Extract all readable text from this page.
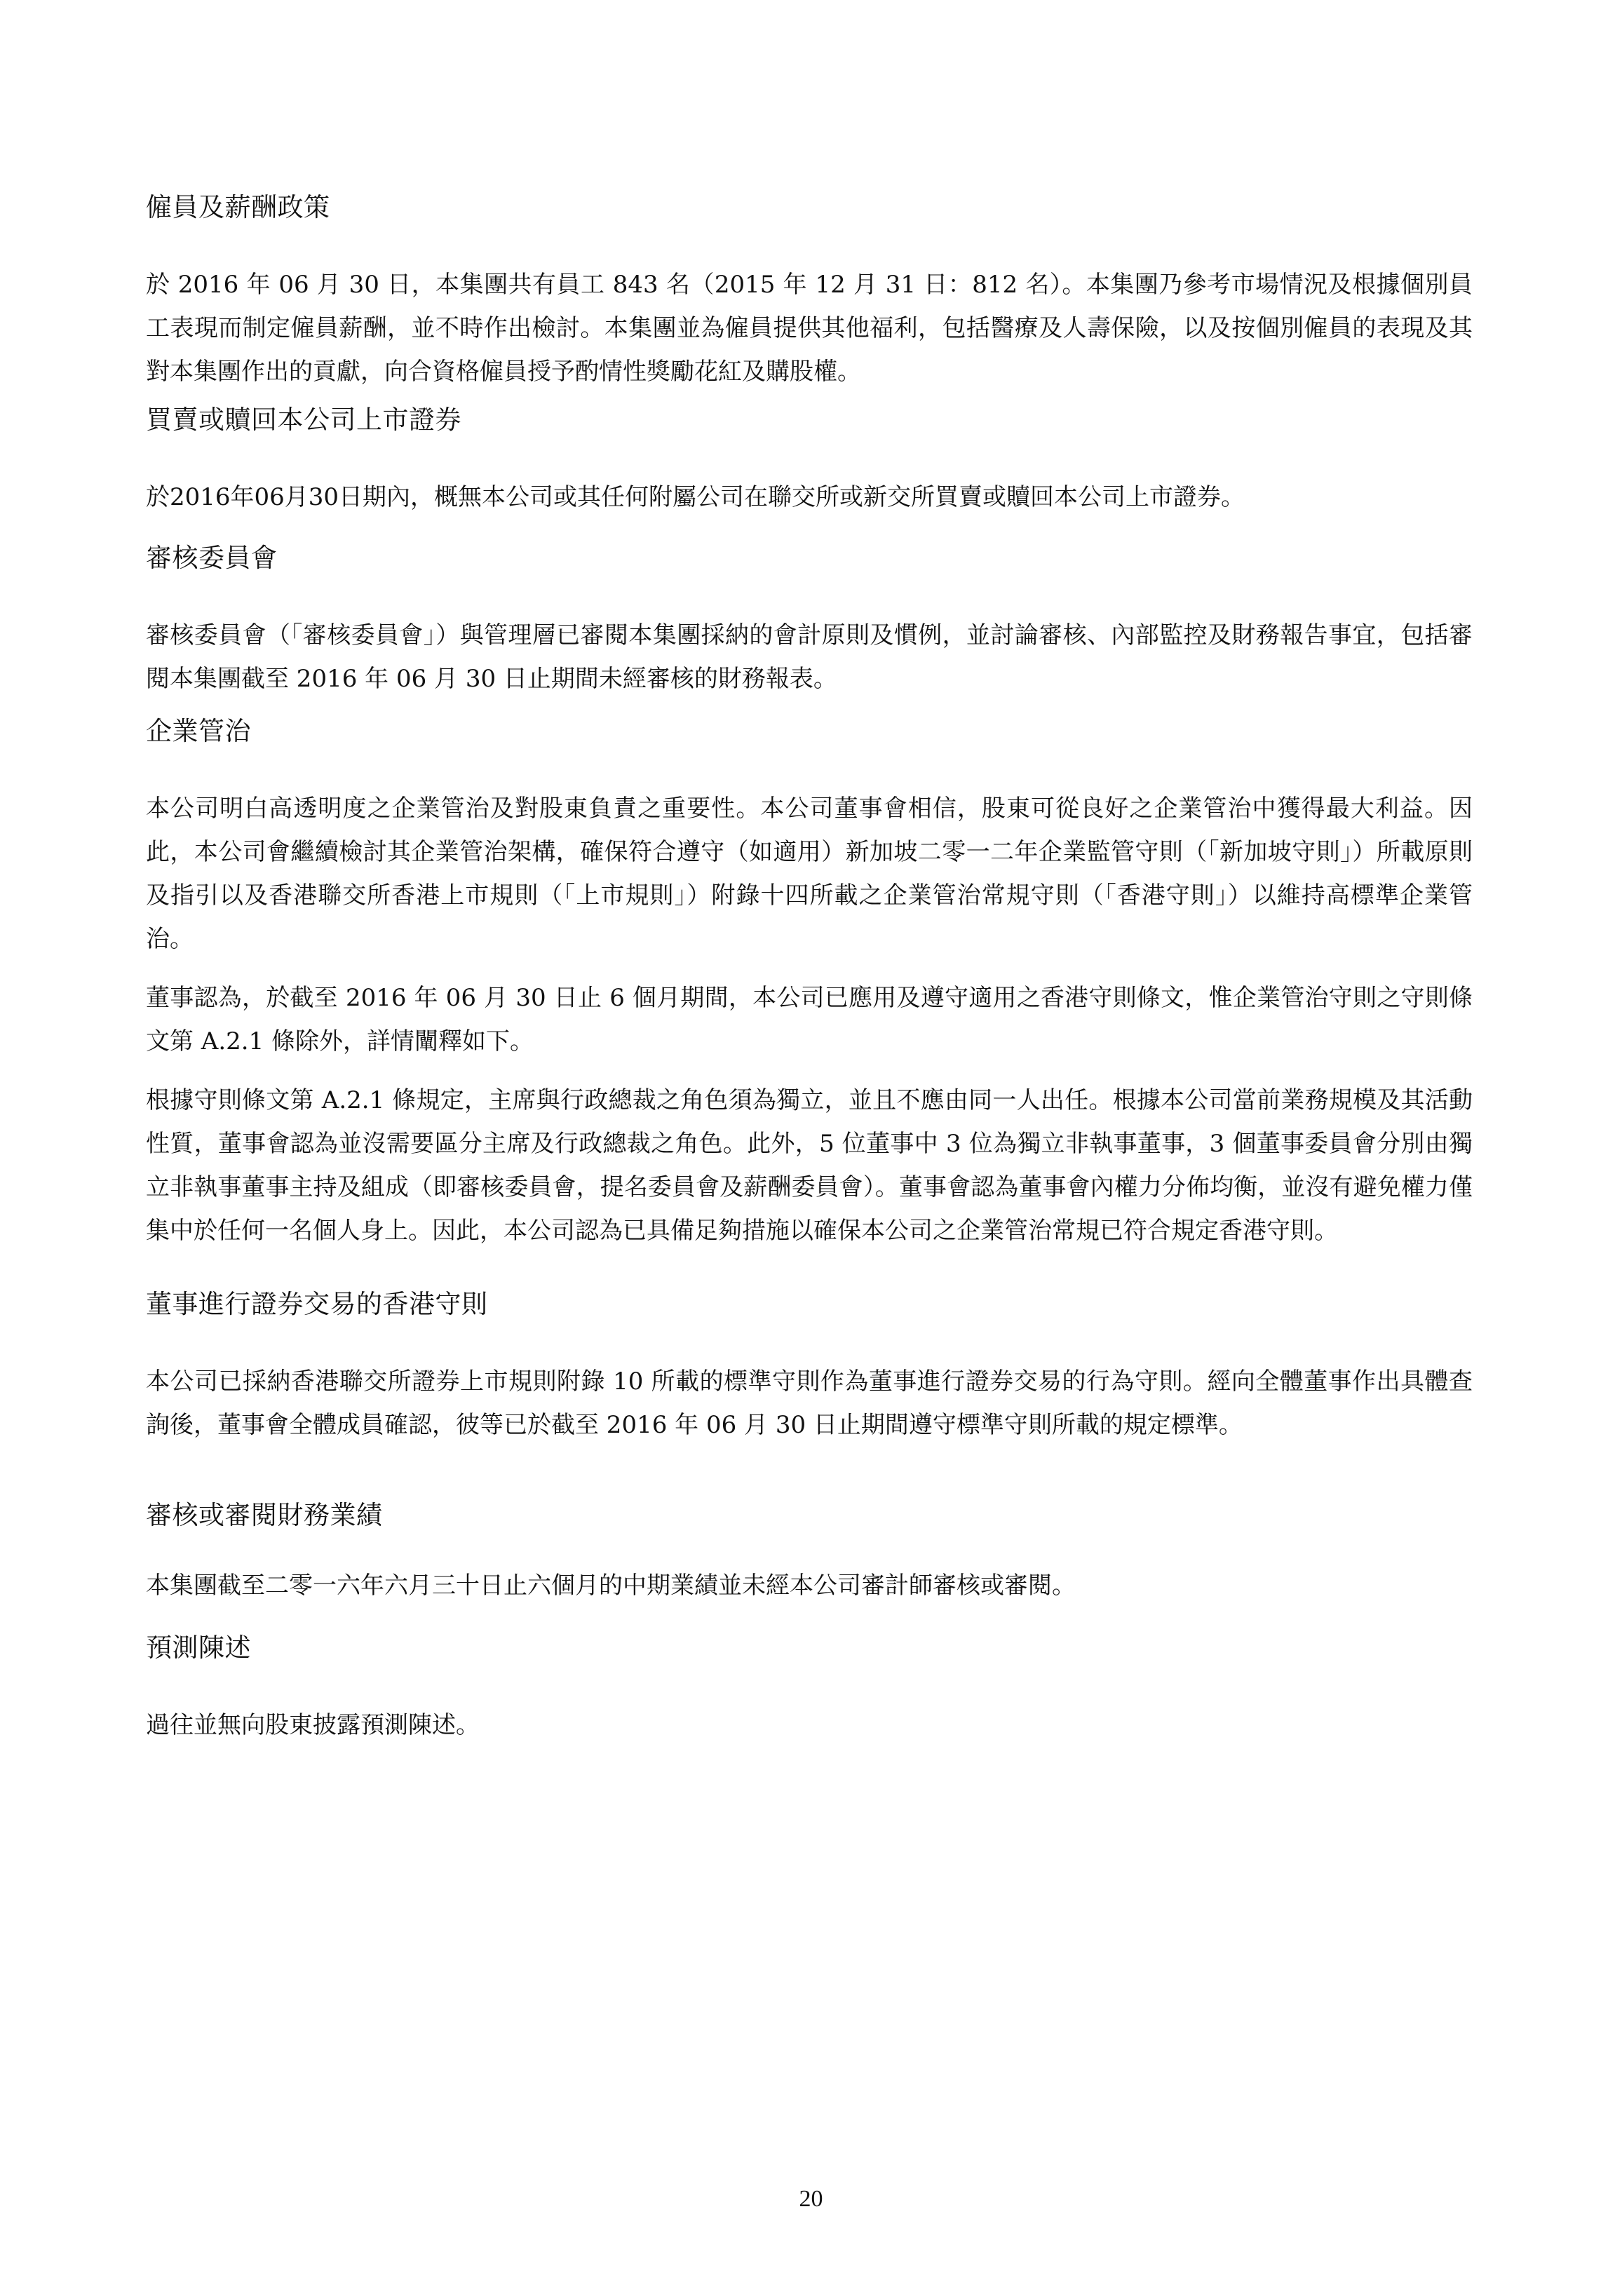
僱員及薪酬政策

於 2016 年 06 月 30 日，本集團共有員工 843 名（2015 年 12 月 31 日：812 名）。本集團乃參考市場情況及根據個別員工表現而制定僱員薪酬，並不時作出檢討。本集團並為僱員提供其他福利，包括醫療及人壽保險，以及按個別僱員的表現及其對本集團作出的貢獻，向合資格僱員授予酌情性獎勵花紅及購股權。

買賣或贖回本公司上市證券

於2016年06月30日期內，概無本公司或其任何附屬公司在聯交所或新交所買賣或贖回本公司上市證券。

審核委員會

審核委員會（「審核委員會」）與管理層已審閱本集團採納的會計原則及慣例，並討論審核、內部監控及財務報告事宜，包括審閱本集團截至 2016 年 06 月 30 日止期間未經審核的財務報表。

企業管治

本公司明白高透明度之企業管治及對股東負責之重要性。本公司董事會相信，股東可從良好之企業管治中獲得最大利益。因此，本公司會繼續檢討其企業管治架構，確保符合遵守（如適用）新加坡二零一二年企業監管守則（「新加坡守則」）所載原則及指引以及香港聯交所香港上市規則（「上市規則」）附錄十四所載之企業管治常規守則（「香港守則」）以維持高標準企業管治。

董事認為，於截至 2016 年 06 月 30 日止 6 個月期間，本公司已應用及遵守適用之香港守則條文，惟企業管治守則之守則條文第 A.2.1 條除外，詳情闡釋如下。

根據守則條文第 A.2.1 條規定，主席與行政總裁之角色須為獨立，並且不應由同一人出任。根據本公司當前業務規模及其活動性質，董事會認為並沒需要區分主席及行政總裁之角色。此外，5 位董事中 3 位為獨立非執事董事，3 個董事委員會分別由獨立非執事董事主持及組成（即審核委員會，提名委員會及薪酬委員會）。董事會認為董事會內權力分佈均衡，並沒有避免權力僅集中於任何一名個人身上。因此，本公司認為已具備足夠措施以確保本公司之企業管治常規已符合規定香港守則。

董事進行證券交易的香港守則

本公司已採納香港聯交所證券上市規則附錄 10 所載的標準守則作為董事進行證券交易的行為守則。經向全體董事作出具體查詢後，董事會全體成員確認，彼等已於截至 2016 年 06 月 30 日止期間遵守標準守則所載的規定標準。

審核或審閱財務業績

本集團截至二零一六年六月三十日止六個月的中期業績並未經本公司審計師審核或審閱。

預測陳述

過往並無向股東披露預測陳述。

20
